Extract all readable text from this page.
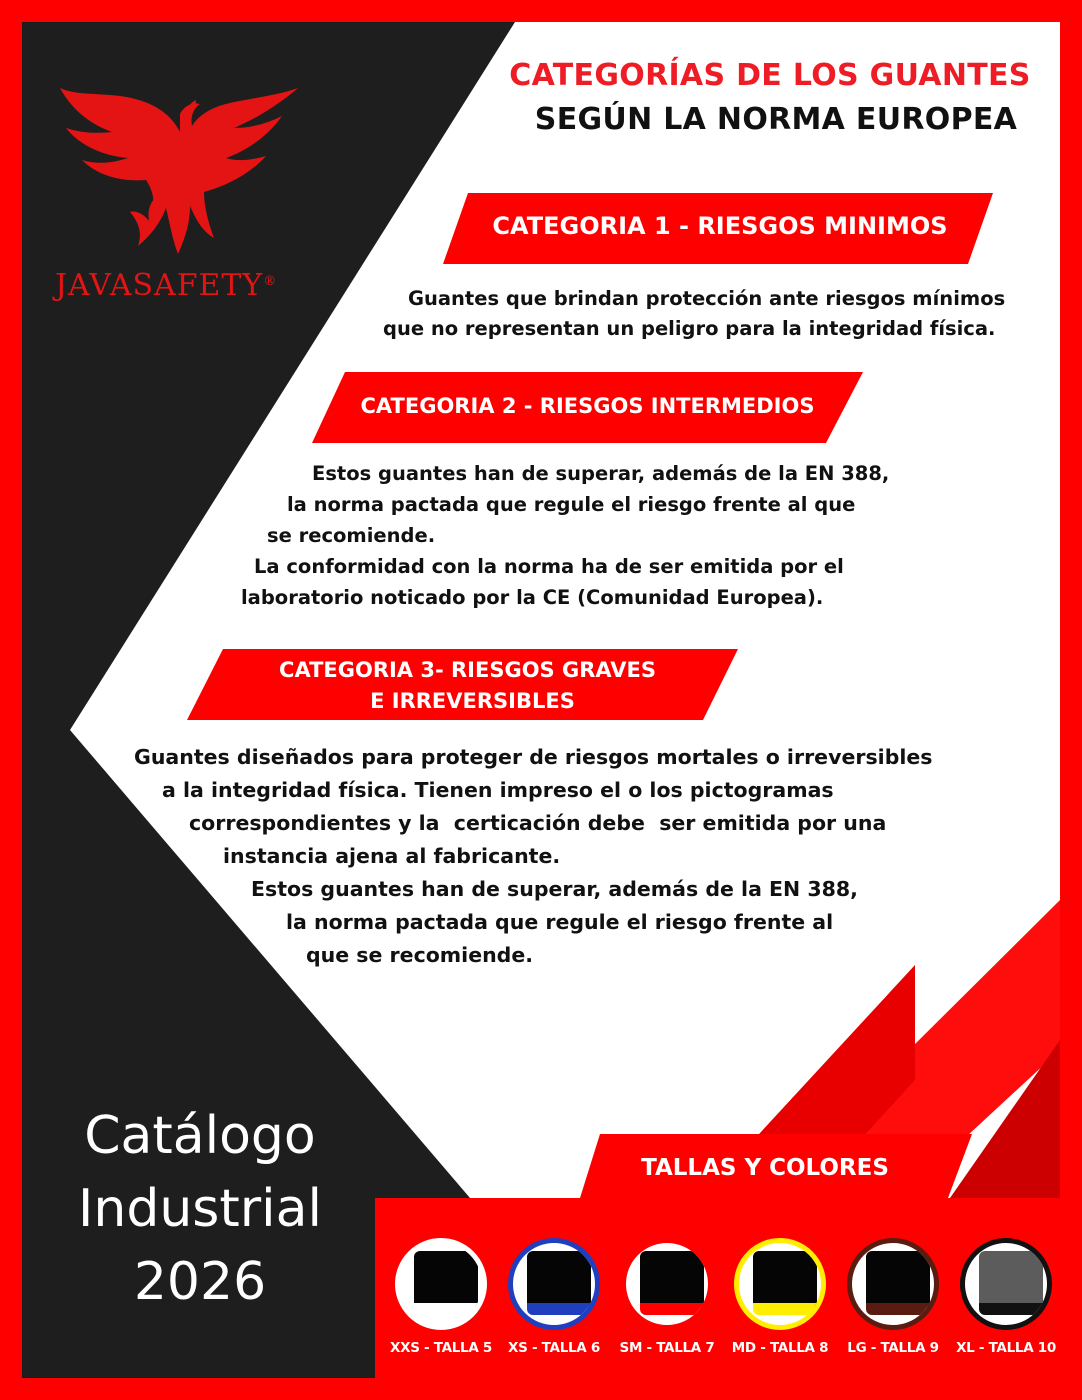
JAVASAFETY®
CATEGORÍAS DE LOS GUANTES
SEGÚN LA NORMA EUROPEA
CATEGORIA 1 - RIESGOS MINIMOS
Guantes que brindan protección ante riesgos mínimos
que no representan un peligro para la integridad física.
CATEGORIA 2 - RIESGOS INTERMEDIOS
Estos guantes han de superar, además de la EN 388,
la norma pactada que regule el riesgo frente al que
se recomiende.
La conformidad con la norma ha de ser emitida por el
laboratorio noticado por la CE (Comunidad Europea).
CATEGORIA 3- RIESGOS GRAVES
E IRREVERSIBLES
Guantes diseñados para proteger de riesgos mortales o irreversibles
a la integridad física. Tienen impreso el o los pictogramas
correspondientes y la  certicación debe  ser emitida por una
instancia ajena al fabricante.
Estos guantes han de superar, además de la EN 388,
la norma pactada que regule el riesgo frente al
que se recomiende.
Catálogo
Industrial
2026
TALLAS Y COLORES
XXS - TALLA 5	XS - TALLA 6	SM - TALLA 7	MD - TALLA 8	LG - TALLA 9	XL - TALLA 10
